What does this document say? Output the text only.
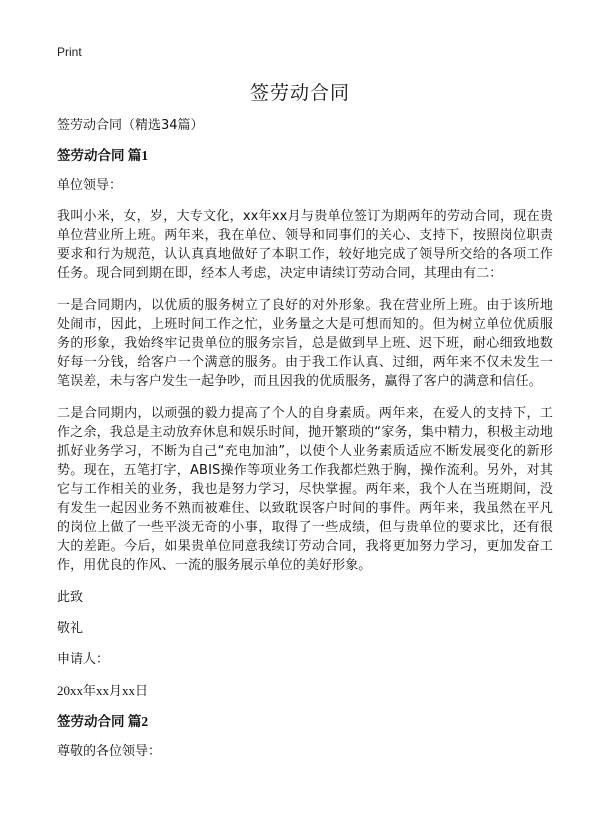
Print
签劳动合同

签劳动合同（精选34篇）

签劳动合同 篇1

单位领导：

我叫小米，女，岁，大专文化，xx年xx月与贵单位签订为期两年的劳动合同，现在贵单位营业所上班。两年来，我在单位、领导和同事们的关心、支持下，按照岗位职责要求和行为规范，认认真真地做好了本职工作，较好地完成了领导所交给的各项工作任务。现合同到期在即，经本人考虑，决定申请续订劳动合同，其理由有二：

一是合同期内，以优质的服务树立了良好的对外形象。我在营业所上班。由于该所地处闹市，因此，上班时间工作之忙，业务量之大是可想而知的。但为树立单位优质服务的形象，我始终牢记贵单位的服务宗旨，总是做到早上班、迟下班，耐心细致地数好每一分钱，给客户一个满意的服务。由于我工作认真、过细，两年来不仅未发生一笔误差，未与客户发生一起争吵，而且因我的优质服务，赢得了客户的满意和信任。

二是合同期内，以顽强的毅力提高了个人的自身素质。两年来，在爱人的支持下，工作之余，我总是主动放弃休息和娱乐时间，抛开繁琐的“家务，集中精力，积极主动地抓好业务学习，不断为自己“充电加油”，以使个人业务素质适应不断发展变化的新形势。现在，五笔打字，ABIS操作等项业务工作我都烂熟于胸，操作流利。另外，对其它与工作相关的业务，我也是努力学习，尽快掌握。两年来，我个人在当班期间，没有发生一起因业务不熟而被难住、以致耽误客户时间的事件。两年来，我虽然在平凡的岗位上做了一些平淡无奇的小事，取得了一些成绩，但与贵单位的要求比，还有很大的差距。今后，如果贵单位同意我续订劳动合同，我将更加努力学习，更加发奋工作，用优良的作风、一流的服务展示单位的美好形象。

此致

敬礼

申请人：

20xx年xx月xx日

签劳动合同 篇2

尊敬的各位领导：
